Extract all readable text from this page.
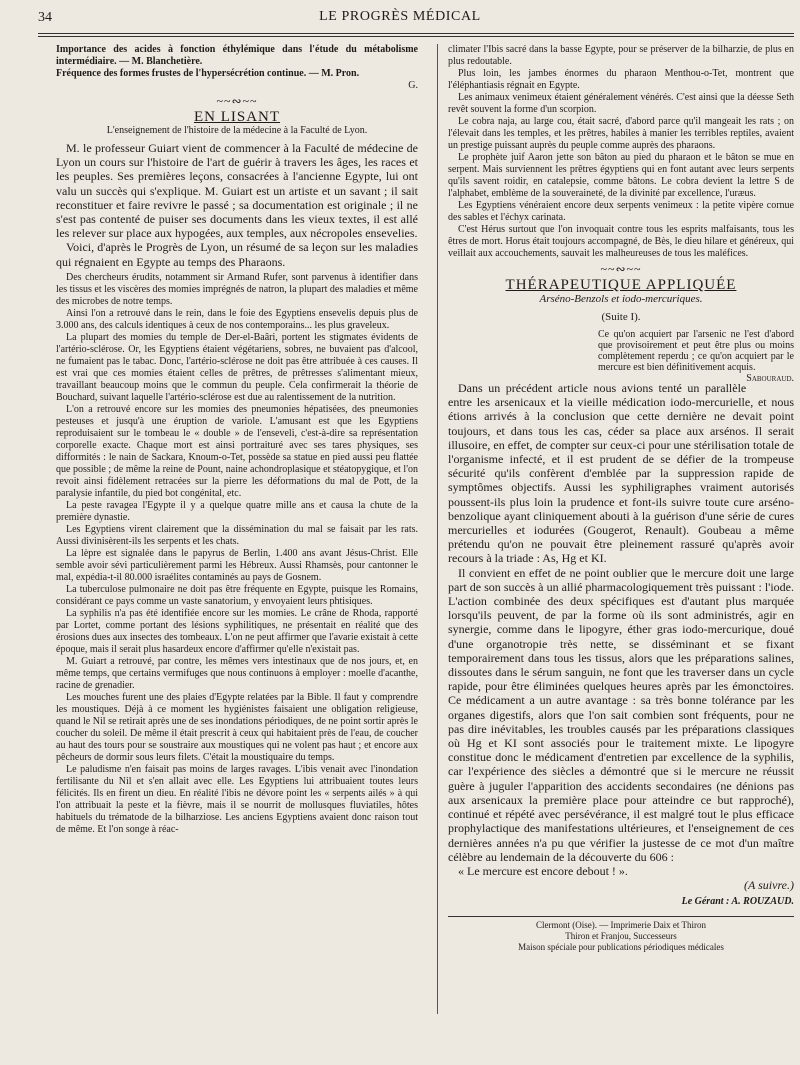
34	LE PROGRÈS MÉDICAL

Importance des acides à fonction éthylémique dans l'étude du métabolisme intermédiaire. — M. Blanchetière.

Fréquence des formes frustes de l'hypersécrétion continue. — M. Pron.

G.

~~∾~~
EN LISANT

L'enseignement de l'histoire de la médecine à la Faculté de Lyon.

M. le professeur Guiart vient de commencer à la Faculté de médecine de Lyon un cours sur l'histoire de l'art de guérir à travers les âges, les races et les peuples. Ses premières leçons, consacrées à l'ancienne Egypte, lui ont valu un succès qui s'explique. M. Guiart est un artiste et un savant ; il sait reconstituer et faire revivre le passé ; sa documentation est originale ; il ne s'est pas contenté de puiser ses documents dans les vieux textes, il est allé les relever sur place aux hypogées, aux temples, aux nécropoles ensevelies.

Voici, d'après le Progrès de Lyon, un résumé de sa leçon sur les maladies qui régnaient en Egypte au temps des Pharaons.

Des chercheurs érudits, notamment sir Armand Rufer, sont parvenus à identifier dans les tissus et les viscères des momies imprégnés de natron, la plupart des maladies et même des microbes de notre temps.

Ainsi l'on a retrouvé dans le rein, dans le foie des Egyptiens ensevelis depuis plus de 3.000 ans, des calculs identiques à ceux de nos contemporains... les plus graveleux.

La plupart des momies du temple de Der-el-Baâri, portent les stigmates évidents de l'artério-sclérose. Or, les Egyptiens étaient végétariens, sobres, ne buvaient pas d'alcool, ne fumaient pas le tabac. Donc, l'artério-sclérose ne doit pas être attribuée à ces causes. Il est vrai que ces momies étaient celles de prêtres, de prêtresses s'alimentant mieux, travaillant beaucoup moins que le commun du peuple. Cela confirmerait la théorie de Bouchard, suivant laquelle l'artério-sclérose est due au ralentissement de la nutrition.

L'on a retrouvé encore sur les momies des pneumonies hépatisées, des pneumonies pesteuses et jusqu'à une éruption de variole. L'amusant est que les Egyptiens reproduisaient sur le tombeau le « double » de l'enseveli, c'est-à-dire sa représentation corporelle exacte. Chaque mort est ainsi portraituré avec ses tares physiques, ses difformités : le nain de Sackara, Knoum-o-Tet, possède sa statue en pied aussi peu flattée que possible ; de même la reine de Pount, naine achondroplasique et stéatopygique, et l'on revoit ainsi fidèlement retracées sur la pierre les déformations du mal de Pott, de la paralysie infantile, du pied bot congénital, etc.

La peste ravagea l'Egypte il y a quelque quatre mille ans et causa la chute de la première dynastie.

Les Egyptiens virent clairement que la dissémination du mal se faisait par les rats. Aussi divinisèrent-ils les serpents et les chats.

La lèpre est signalée dans le papyrus de Berlin, 1.400 ans avant Jésus-Christ. Elle semble avoir sévi particulièrement parmi les Hébreux. Aussi Rhamsès, pour cantonner le mal, expédia-t-il 80.000 israélites contaminés au pays de Gosnem.

La tuberculose pulmonaire ne doit pas être fréquente en Egypte, puisque les Romains, considérant ce pays comme un vaste sanatorium, y envoyaient leurs phtisiques.

La syphilis n'a pas été identifiée encore sur les momies. Le crâne de Rhoda, rapporté par Lortet, comme portant des lésions syphilitiques, ne présentait en réalité que des érosions dues aux insectes des tombeaux. L'on ne peut affirmer que l'avarie existait à cette époque, mais il serait plus hasardeux encore d'affirmer qu'elle n'existait pas.

M. Guiart a retrouvé, par contre, les mêmes vers intestinaux que de nos jours, et, en même temps, que certains vermifuges que nous continuons à employer : moelle d'acanthe, racine de grenadier.

Les mouches furent une des plaies d'Egypte relatées par la Bible. Il faut y comprendre les moustiques. Déjà à ce moment les hygiénistes faisaient une obligation religieuse, quand le Nil se retirait après une de ses inondations périodiques, de ne point sortir après le coucher du soleil. De même il était prescrit à ceux qui habitaient près de l'eau, de coucher au haut des tours pour se soustraire aux moustiques qui ne volent pas haut ; et encore aux pêcheurs de dormir sous leurs filets. C'était la moustiquaire du temps.

Le paludisme n'en faisait pas moins de larges ravages. L'ibis venait avec l'inondation fertilisante du Nil et s'en allait avec elle. Les Egyptiens lui attribuaient toutes leurs félicités. Ils en firent un dieu. En réalité l'ibis ne dévore point les « serpents ailés » à qui l'on attribuait la peste et la fièvre, mais il se nourrit de mollusques fluviatiles, hôtes habituels du trématode de la bilharziose. Les anciens Egyptiens avaient donc raison tout de même. Et l'on songe à réac-

climater l'Ibis sacré dans la basse Egypte, pour se préserver de la bilharzie, de plus en plus redoutable.

Plus loin, les jambes énormes du pharaon Menthou-o-Tet, montrent que l'éléphantiasis régnait en Egypte.

Les animaux venimeux étaient généralement vénérés. C'est ainsi que la déesse Seth revêt souvent la forme d'un scorpion.

Le cobra naja, au large cou, était sacré, d'abord parce qu'il mangeait les rats ; on l'élevait dans les temples, et les prêtres, habiles à manier les terribles reptiles, avaient un prestige puissant auprès du peuple comme auprès des pharaons.

Le prophète juif Aaron jette son bâton au pied du pharaon et le bâton se mue en serpent. Mais surviennent les prêtres égyptiens qui en font autant avec leurs serpents qu'ils savent roidir, en catalepsie, comme bâtons. Le cobra devient la lettre S de l'alphabet, emblème de la souveraineté, de la divinité par excellence, l'uræus.

Les Egyptiens vénéraient encore deux serpents venimeux : la petite vipère cornue des sables et l'échyx carinata.

C'est Hérus surtout que l'on invoquait contre tous les esprits malfaisants, tous les êtres de mort. Horus était toujours accompagné, de Bès, le dieu hilare et généreux, qui veillait aux accouchements, sauvait les malheureuses de tous les maléfices.

~~∾~~
THÉRAPEUTIQUE APPLIQUÉE
Arséno-Benzols et iodo-mercuriques.
(Suite I).
Ce qu'on acquiert par l'arsenic ne l'est d'abord que provisoirement et peut être plus ou moins complètement reperdu ; ce qu'on acquiert par le mercure est bien définitivement acquis.
Sabouraud.

Dans un précédent article nous avions tenté un parallèle entre les arsenicaux et la vieille médication iodo-mercurielle, et nous étions arrivés à la conclusion que cette dernière ne devait point toujours, et dans tous les cas, céder sa place aux arsénos. Il serait illusoire, en effet, de compter sur ceux-ci pour une stérilisation totale de l'organisme infecté, et il est prudent de se défier de la trompeuse sécurité qu'ils confèrent d'emblée par la suppression rapide de symptômes objectifs. Aussi les syphiligraphes vraiment autorisés poussent-ils plus loin la prudence et font-ils suivre toute cure arséno-benzolique ayant cliniquement abouti à la guérison d'une série de cures mercurielles et iodurées (Gougerot, Renault). Goubeau a même prétendu qu'on ne pouvait être pleinement rassuré qu'après avoir recours à la triade : As, Hg et KI.

Il convient en effet de ne point oublier que le mercure doit une large part de son succès à un allié pharmacologiquement très puissant : l'iode. L'action combinée des deux spécifiques est d'autant plus marquée lorsqu'ils peuvent, de par la forme où ils sont administrés, agir en synergie, comme dans le lipogyre, éther gras iodo-mercurique, doué d'une organotropie très nette, se disséminant et se fixant temporairement dans tous les tissus, alors que les préparations salines, dissoutes dans le sérum sanguin, ne font que les traverser dans un cycle rapide, pour être éliminées quelques heures après par les émonctoires. Ce médicament a un autre avantage : sa très bonne tolérance par les organes digestifs, alors que l'on sait combien sont fréquents, pour ne pas dire inévitables, les troubles causés par les préparations classiques où Hg et KI sont associés pour le traitement mixte. Le lipogyre constitue donc le médicament d'entretien par excellence de la syphilis, car l'expérience des siècles a démontré que si le mercure ne réussit guère à juguler l'apparition des accidents secondaires (ne dénions pas aux arsenicaux la première place pour atteindre ce but rapproché), continué et répété avec persévérance, il est malgré tout le plus efficace prophylactique des manifestations ultérieures, et l'enseignement de ces dernières années n'a pu que vérifier la justesse de ce mot d'un maître célèbre au lendemain de la découverte du 606 :

« Le mercure est encore debout ! ».

(A suivre.)

Le Gérant : A. ROUZAUD.

Clermont (Oise). — Imprimerie Daix et Thiron
Thiron et Franjou, Successeurs
Maison spéciale pour publications périodiques médicales
